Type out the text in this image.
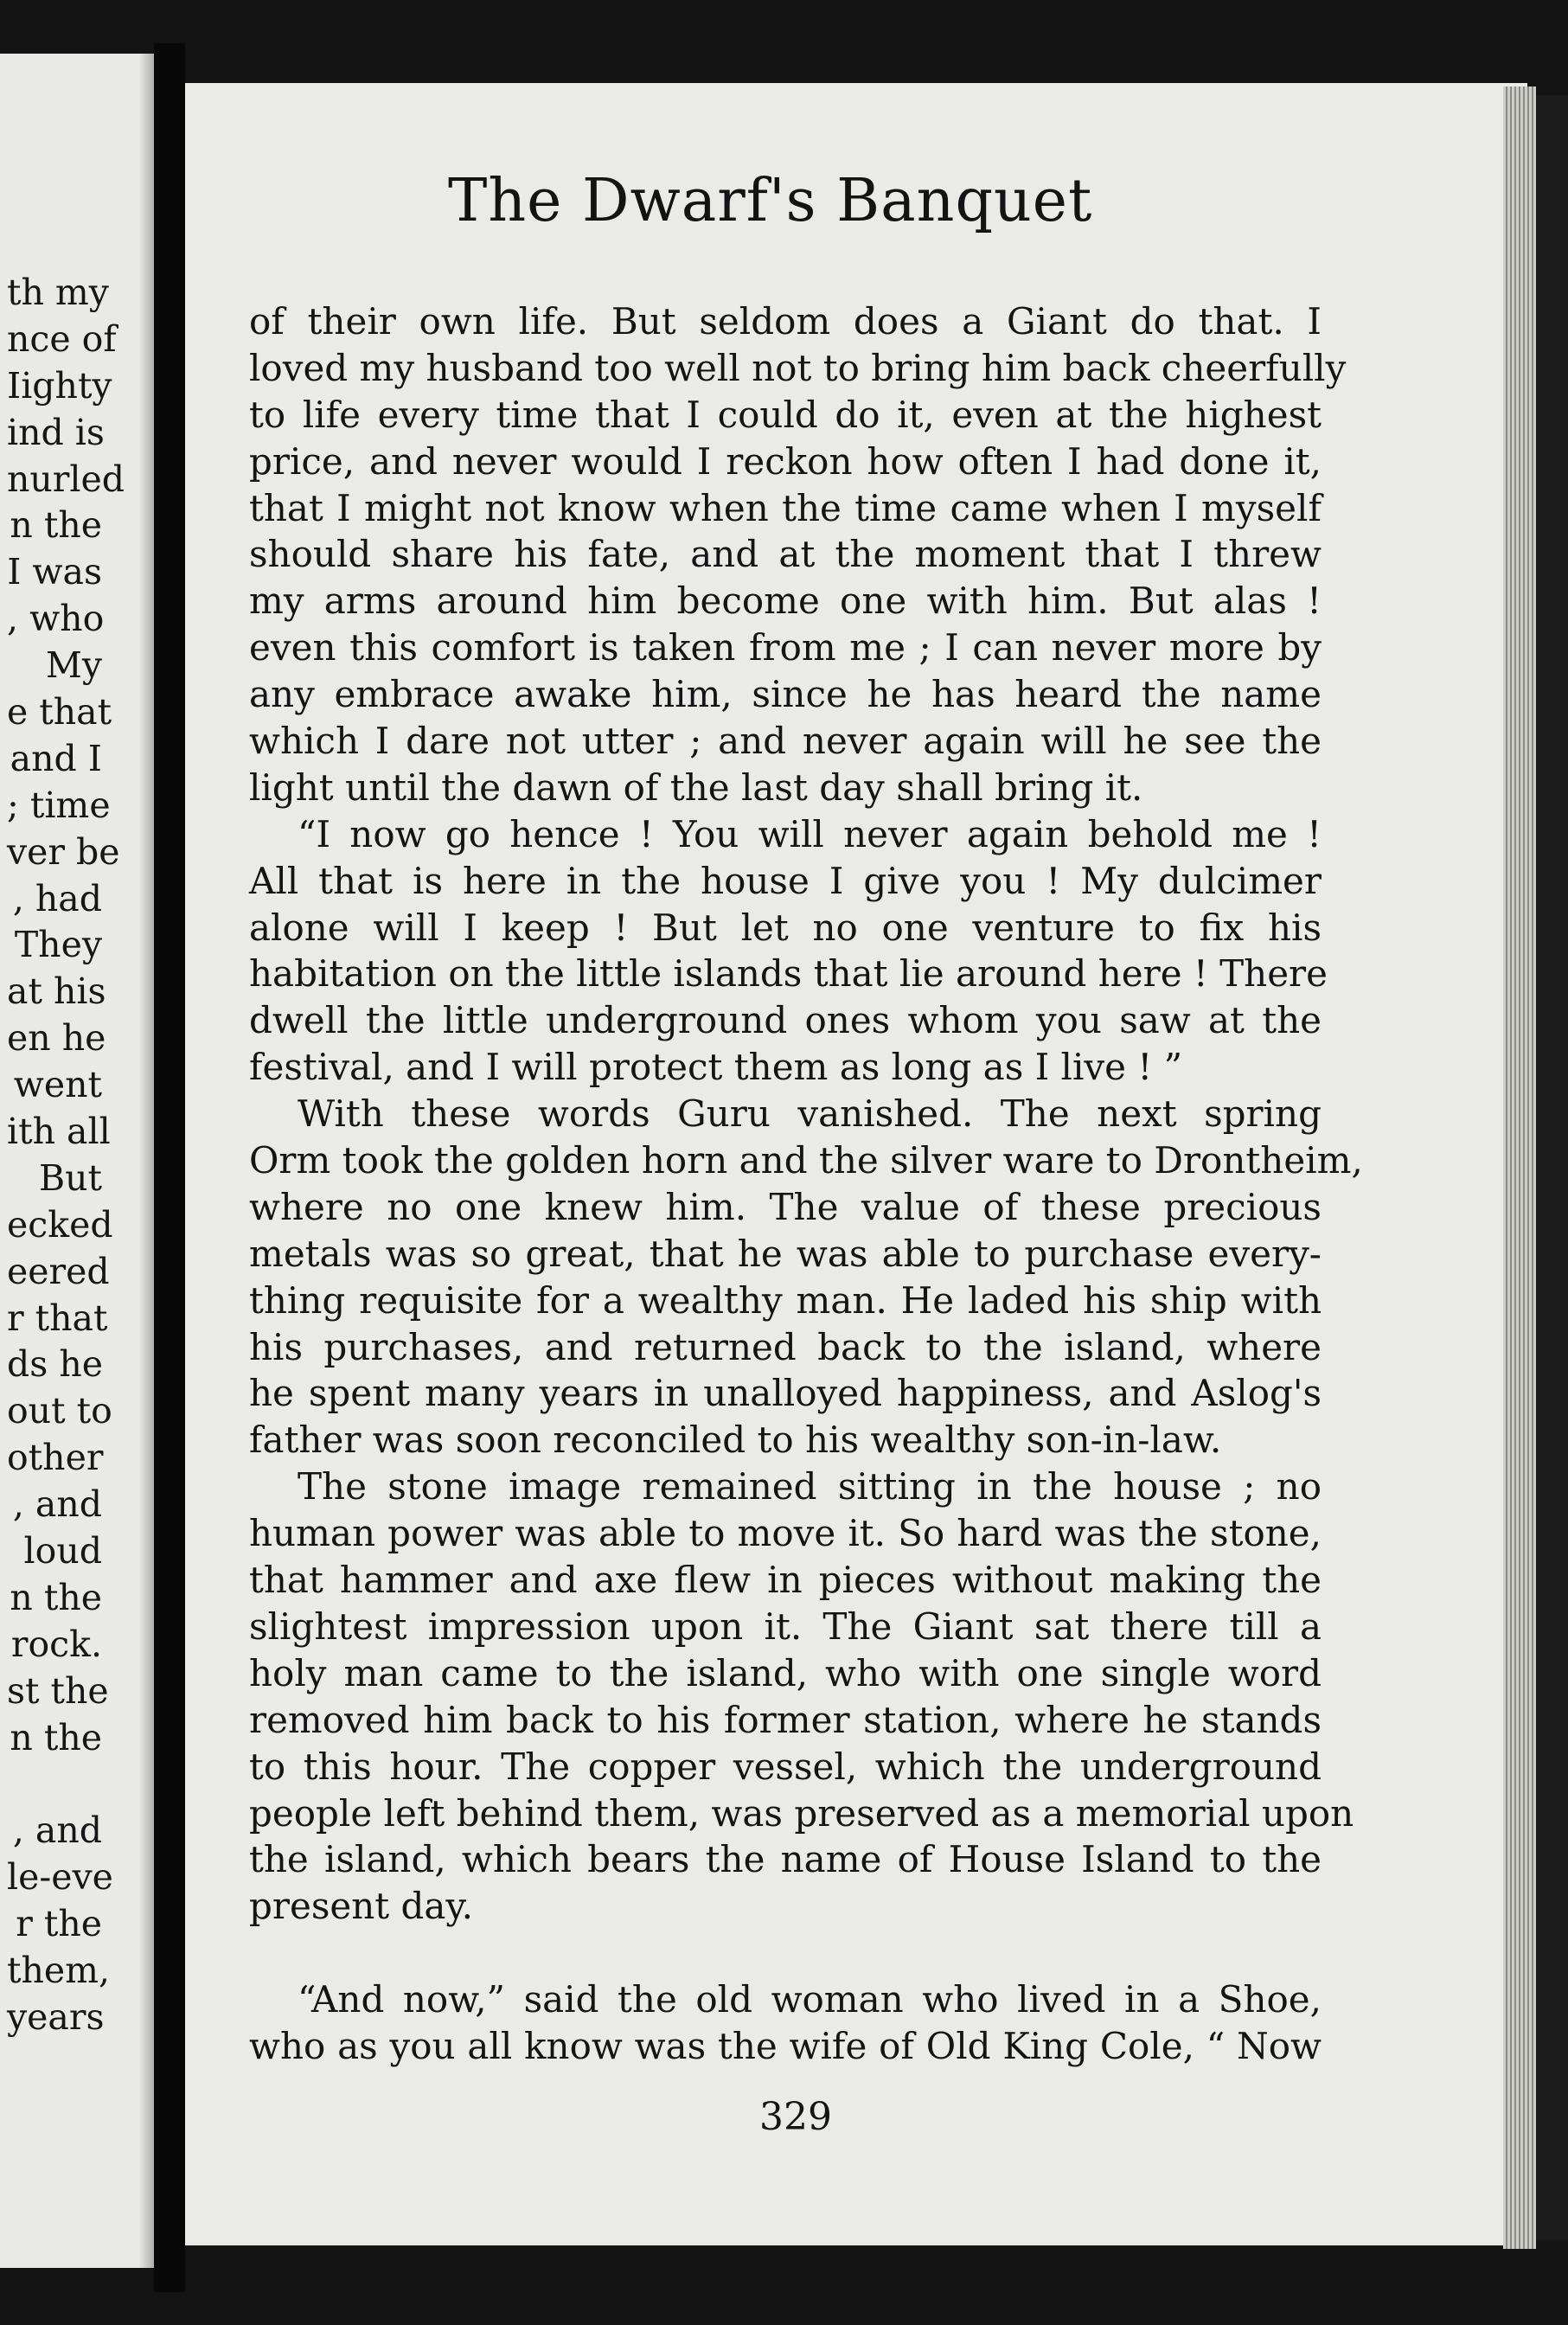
th my
nce of
Iighty
ind is
nurled
n the
I was
, who
My
e that
and I
; time
ver be
, had
They
at his
en he
went
ith all
But
ecked
eered
r that
ds he
out to
other
, and
loud
n the
rock.
st the
n the
, and
le-eve
r the
them,
years
The Dwarf's Banquet
of their own life. But seldom does a Giant do that. I
loved my husband too well not to bring him back cheerfully
to life every time that I could do it, even at the highest
price, and never would I reckon how often I had done it,
that I might not know when the time came when I myself
should share his fate, and at the moment that I threw
my arms around him become one with him. But alas !
even this comfort is taken from me ; I can never more by
any embrace awake him, since he has heard the name
which I dare not utter ; and never again will he see the
light until the dawn of the last day shall bring it.
“I now go hence ! You will never again behold me !
All that is here in the house I give you ! My dulcimer
alone will I keep ! But let no one venture to fix his
habitation on the little islands that lie around here ! There
dwell the little underground ones whom you saw at the
festival, and I will protect them as long as I live ! ”
With these words Guru vanished. The next spring
Orm took the golden horn and the silver ware to Drontheim,
where no one knew him. The value of these precious
metals was so great, that he was able to purchase every-
thing requisite for a wealthy man. He laded his ship with
his purchases, and returned back to the island, where
he spent many years in unalloyed happiness, and Aslog's
father was soon reconciled to his wealthy son-in-law.
The stone image remained sitting in the house ; no
human power was able to move it. So hard was the stone,
that hammer and axe flew in pieces without making the
slightest impression upon it. The Giant sat there till a
holy man came to the island, who with one single word
removed him back to his former station, where he stands
to this hour. The copper vessel, which the underground
people left behind them, was preserved as a memorial upon
the island, which bears the name of House Island to the
present day.
“And now,” said the old woman who lived in a Shoe,
who as you all know was the wife of Old King Cole, “ Now
329
